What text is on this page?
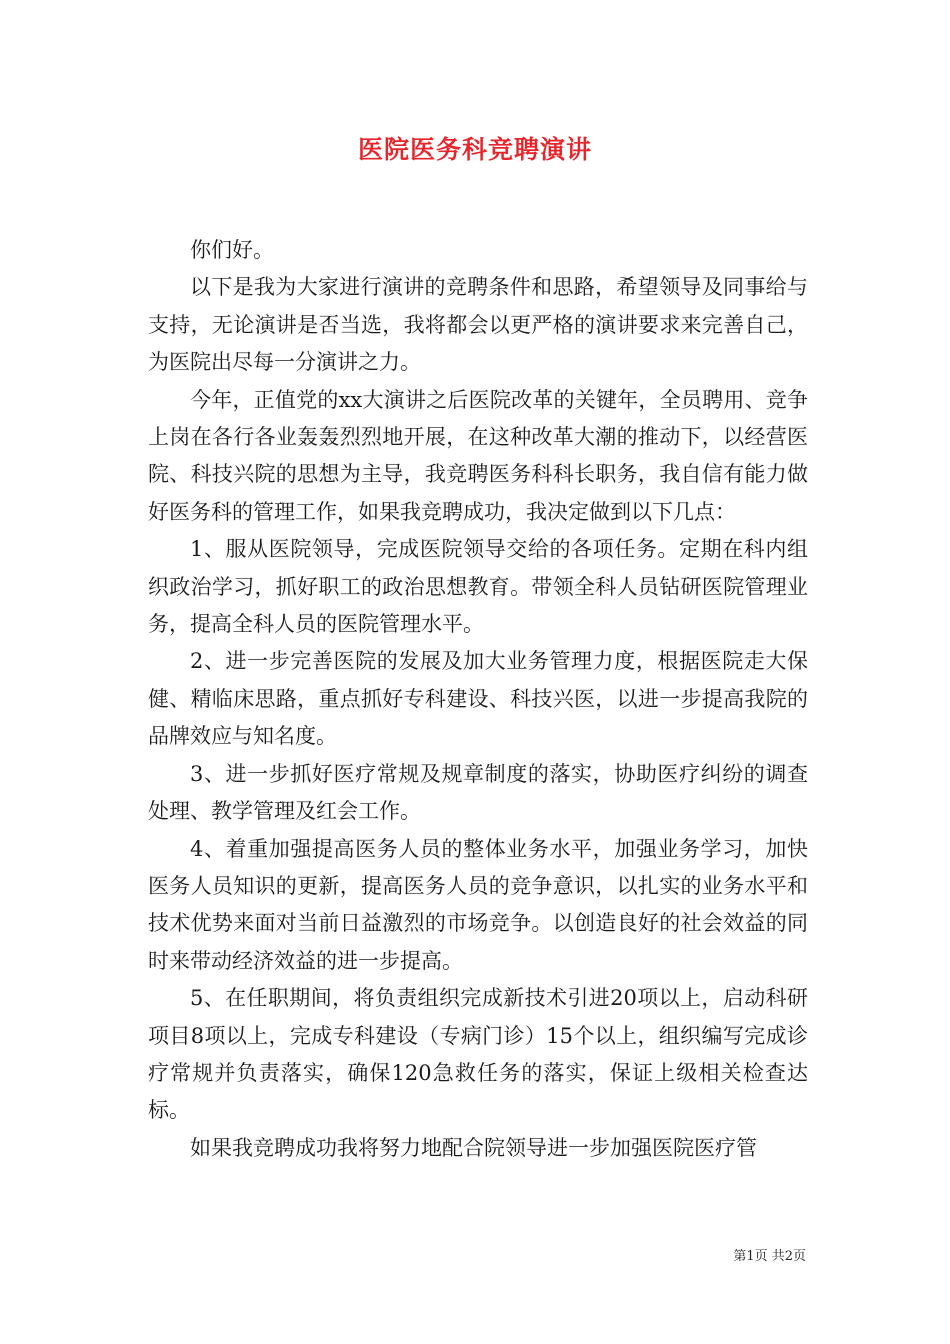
医院医务科竞聘演讲

你们好。

以下是我为大家进行演讲的竞聘条件和思路，希望领导及同事给与支持，无论演讲是否当选，我将都会以更严格的演讲要求来完善自己，为医院出尽每一分演讲之力。

今年，正值党的xx大演讲之后医院改革的关键年，全员聘用、竞争上岗在各行各业轰轰烈烈地开展，在这种改革大潮的推动下，以经营医院、科技兴院的思想为主导，我竞聘医务科科长职务，我自信有能力做好医务科的管理工作，如果我竞聘成功，我决定做到以下几点：

1、服从医院领导，完成医院领导交给的各项任务。定期在科内组织政治学习，抓好职工的政治思想教育。带领全科人员钻研医院管理业务，提高全科人员的医院管理水平。

2、进一步完善医院的发展及加大业务管理力度，根据医院走大保健、精临床思路，重点抓好专科建设、科技兴医，以进一步提高我院的品牌效应与知名度。

3、进一步抓好医疗常规及规章制度的落实，协助医疗纠纷的调查处理、教学管理及红会工作。

4、着重加强提高医务人员的整体业务水平，加强业务学习，加快医务人员知识的更新，提高医务人员的竞争意识，以扎实的业务水平和技术优势来面对当前日益激烈的市场竞争。以创造良好的社会效益的同时来带动经济效益的进一步提高。

5、在任职期间，将负责组织完成新技术引进20项以上，启动科研项目8项以上，完成专科建设（专病门诊）15个以上，组织编写完成诊疗常规并负责落实，确保120急救任务的落实，保证上级相关检查达标。

如果我竞聘成功我将努力地配合院领导进一步加强医院医疗管

第1页 共2页
